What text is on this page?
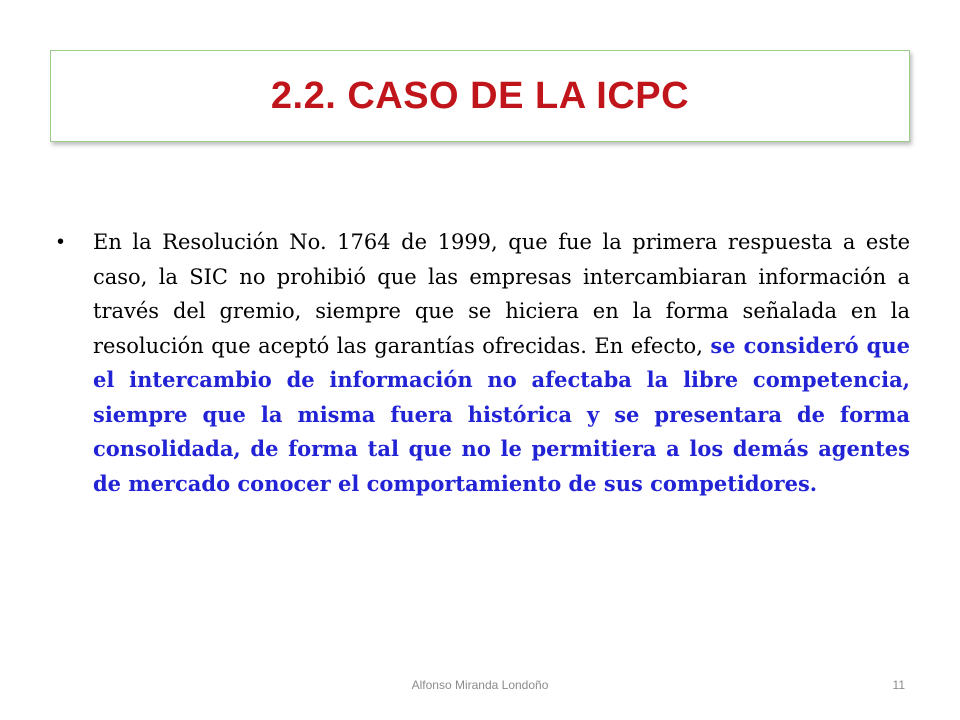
2.2. CASO DE LA ICPC
•	En la Resolución No. 1764 de 1999, que fue la primera respuesta a este caso, la SIC no prohibió que las empresas intercambiaran información a través del gremio, siempre que se hiciera en la forma señalada en la resolución que aceptó las garantías ofrecidas. En efecto, se consideró que el intercambio de información no afectaba la libre competencia, siempre que la misma fuera histórica y se presentara de forma consolidada, de forma tal que no le permitiera a los demás agentes de mercado conocer el comportamiento de sus competidores.

Alfonso Miranda Londoño	11
